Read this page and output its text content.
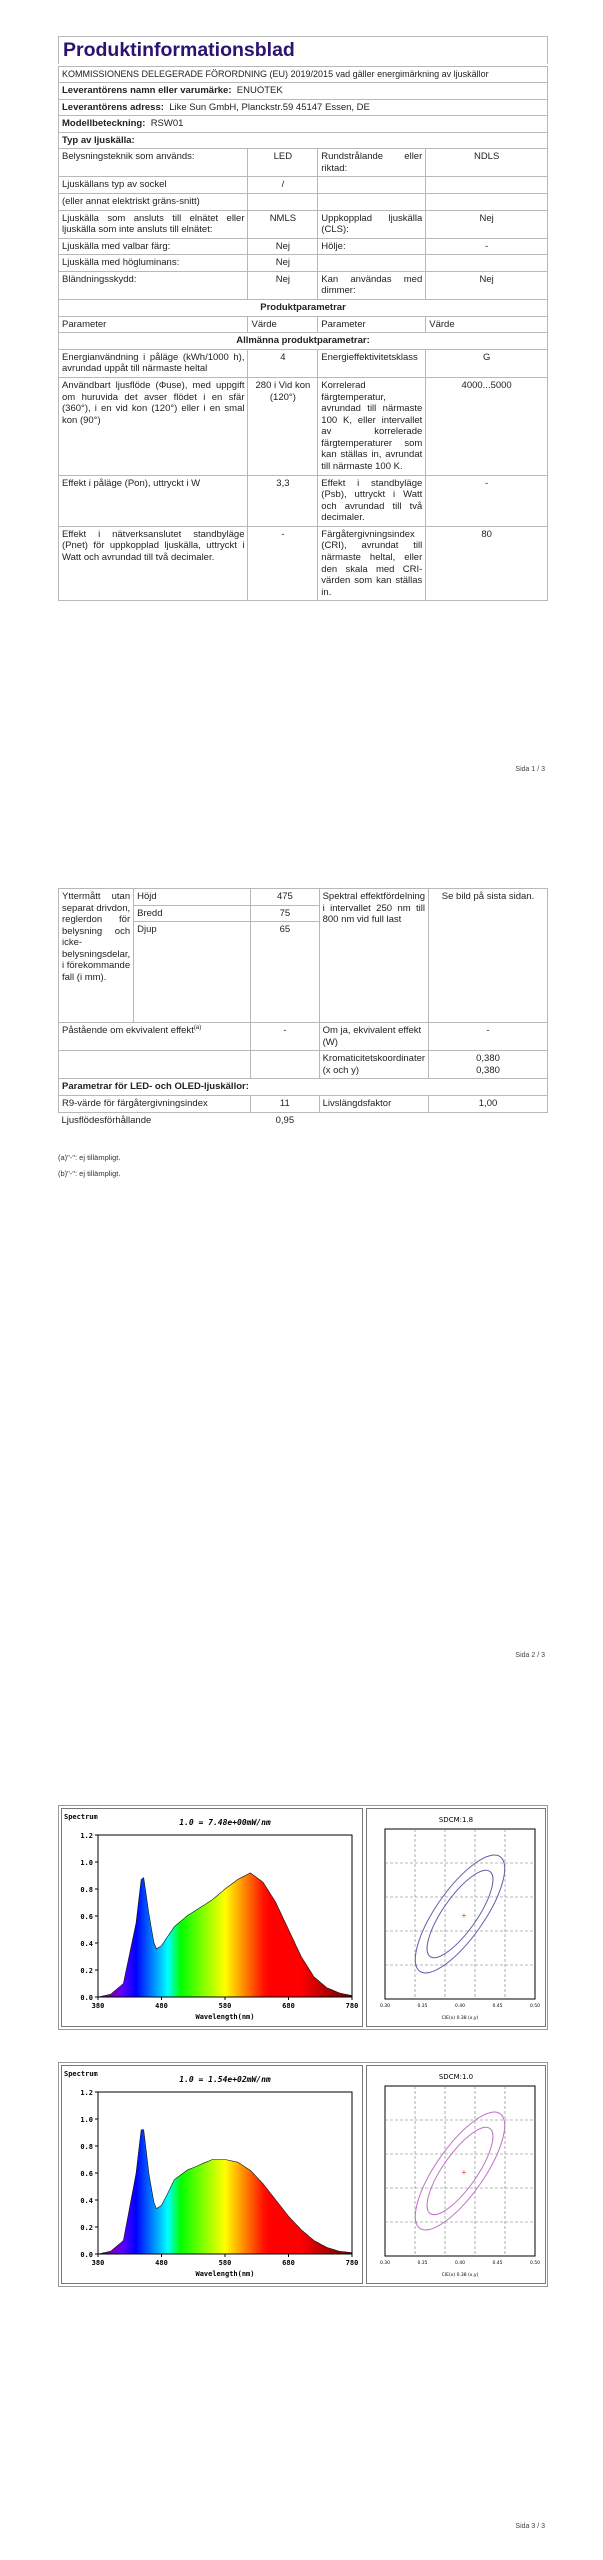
Produktinformationsblad
KOMMISSIONENS DELEGERADE FÖRORDNING (EU) 2019/2015 vad gäller energimärkning av ljuskällor			
Leverantörens namn eller varumärke: ENUOTEK			
Leverantörens adress: Like Sun GmbH, Planckstr.59 45147 Essen, DE			
Modellbeteckning: RSW01			
Typ av ljuskälla:			
Belysningsteknik som används:	LED	Rundstrålande eller riktad:	NDLS
Ljuskällans typ av sockel	/		
(eller annat elektriskt gräns-snitt)			
Ljuskälla som ansluts till elnätet eller ljuskälla som inte ansluts till elnätet:	NMLS	Uppkopplad ljuskälla (CLS):	Nej
Ljuskälla med valbar färg:	Nej	Hölje:	-
Ljuskälla med högluminans:	Nej		
Bländningsskydd:	Nej	Kan användas med dimmer:	Nej
Produktparametrar			
Parameter	Värde	Parameter	Värde
Allmänna produktparametrar:			
Energianvändning i påläge (kWh/1000 h), avrundad uppåt till närmaste heltal	4	Energieffektivitetsklass	G
Användbart ljusflöde (Φuse), med uppgift om huruvida det avser flödet i en sfär (360°), i en vid kon (120°) eller i en smal kon (90°)	280 i Vid kon (120°)	Korrelerad färgtemperatur, avrundad till närmaste 100 K, eller intervallet av korrelerade färgtemperaturer som kan ställas in, avrundat till närmaste 100 K.	4000...5000
Effekt i påläge (Pon), uttryckt i W	3,3	Effekt i standbyläge (Psb), uttryckt i Watt och avrundad till två decimaler.	-
Effekt i nätverksanslutet standbyläge (Pnet) för uppkopplad ljuskälla, uttryckt i Watt och avrundad till två decimaler.	-	Färgåtergivningsindex (CRI), avrundat till närmaste heltal, eller den skala med CRI-värden som kan ställas in.	80
Sida 1 / 3
Yttermått utan separat drivdon, reglerdon för belysning och icke-belysningsdelar, i förekommande fall (i mm).	Höjd	475	Spektral effektfördelning i intervallet 250 nm till 800 nm vid full last	Se bild på sista sidan.
	Bredd	75		
	Djup	65		
Påstående om ekvivalent effekt$^{(a)}$		-	Om ja, ekvivalent effekt (W)	-
			Kromaticitetskoordinater (x och y)	0,380
0,380

Parametrar för LED- och OLED-ljuskällor:				
R9-värde för färgåtergivningsindex		11	Livslängdsfaktor	1,00
Ljusflödesförhållande		0,95		
(a)"-": ej tillämpligt.
(b)"-": ej tillämpligt.
Sida 2 / 3
1.2
1.0
0.8
0.6
0.4
0.2
0.0
380	480	580	680	780
Spectrum
1.0 = 7.48e+00mW/nm
Wavelength(nm)
SDCM:1.8
+
0.30	0.35	0.40	0.45	0.50
CIE(x) 0.38 (x,y)
1.2
1.0
0.8
0.6
0.4
0.2
0.0
380	480	580	680	780
Spectrum
1.0 = 1.54e+02mW/nm
Wavelength(nm)
SDCM:1.0
+
0.30	0.35	0.40	0.45	0.50
CIE(x) 0.38 (x,y)
Sida 3 / 3
